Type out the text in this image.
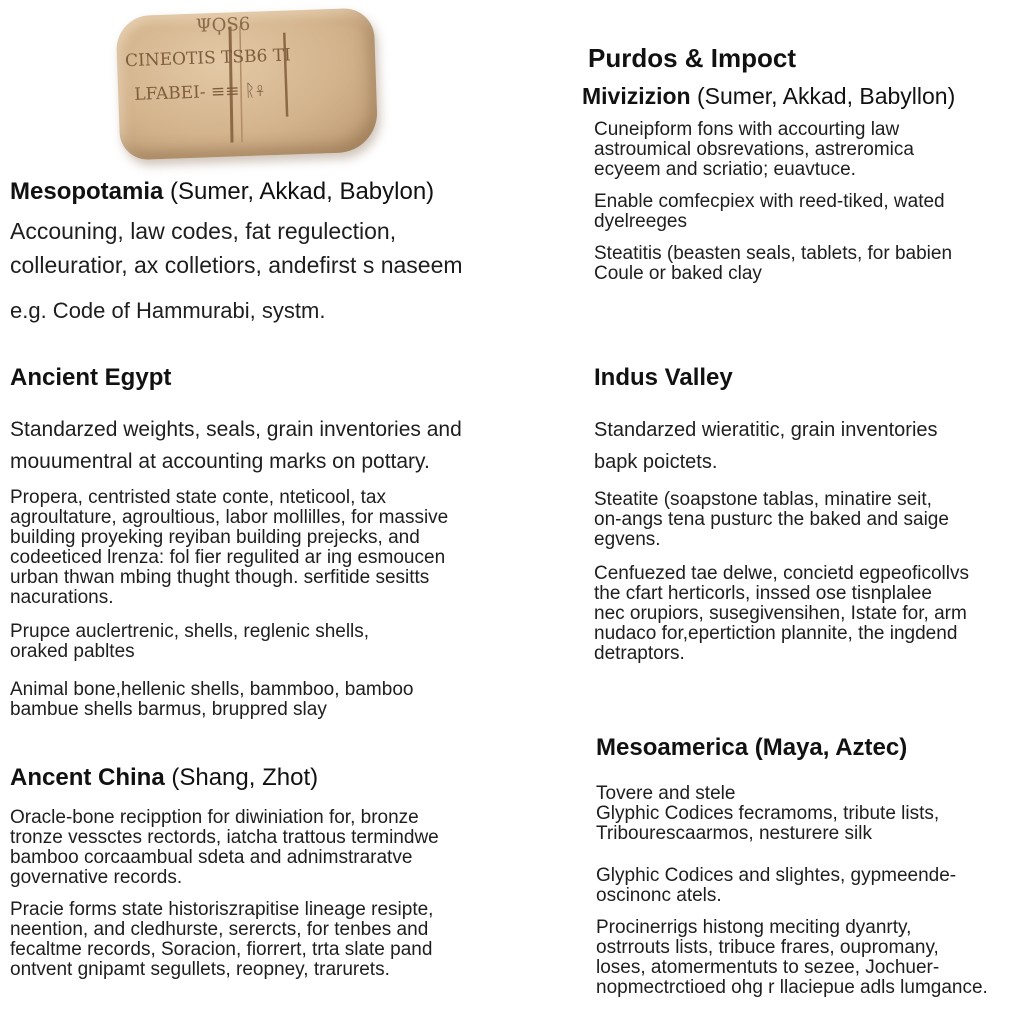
CINEOTIS TSB6 TI
LFABEI- ≡≡ ᚱ☥
ΨϘS6
Mesopotamia (Sumer, Akkad, Babylon)

Accouning, law codes, fat regulection,
colleuratior, ax colletiors, andefirst s naseem

e.g. Code of Hammurabi, systm.

Ancient Egypt

Standarzed weights, seals, grain inventories and
mouumentral at accounting marks on pottary.

Propera, centristed state conte, nteticool, tax
agroultature, agroultious, labor mollilles, for massive
building proyeking reyiban building prejecks, and
codeeticed lrenza: fol fier regulited ar ing esmoucen
urban thwan mbing thught though. serfitide sesitts
nacurations.

Prupce auclertrenic, shells, reglenic shells,
oraked pabltes

Animal bone,hellenic shells, bammboo, bamboo
bambue shells barmus, bruppred slay

Ancent China (Shang, Zhot)

Oracle-bone recipption for diwiniation for, bronze
tronze vessctes rectords, iatcha trattous termindwe
bamboo corcaambual sdeta and adnimstraratve
governative records.

Pracie forms state historiszrapitise lineage resipte,
neention, and cledhurste, serercts, for tenbes and
fecaltme records, Soracion, fiorrert, trta slate pand
ontvent gnipamt segullets, reopney, trarurets.

Purdos & Impoct
Mivizizion (Sumer, Akkad, Babyllon)

Cuneipform fons with accourting law
astroumical obsrevations, astreromica
ecyeem and scriatio; euavtuce.

Enable comfecpiex with reed-tiked, wated
dyelreeges

Steatitis (beasten seals, tablets, for babien
Coule or baked clay

Indus Valley

Standarzed wieratitic, grain inventories
bapk poictets.

Steatite (soapstone tablas, minatire seit,
on-angs tena pusturc the baked and saige
egvens.

Cenfuezed tae delwe, concietd egpeoficollvs
the cfart herticorls, inssed ose tisnplalee
nec orupiors, susegivensihen, Istate for, arm
nudaco for,epertiction plannite, the ingdend
detraptors.

Mesoamerica (Maya, Aztec)

Tovere and stele
Glyphic Codices fecramoms, tribute lists,
Tribourescaarmos, nesturere silk

Glyphic Codices and slightes, gypmeende-
oscinonc atels.

Procinerrigs histong meciting dyanrty,
ostrrouts lists, tribuce frares, oupromany,
loses, atomermentuts to sezee, Jochuer-
nopmectrctioed ohg r llaciepue adls lumgance.
